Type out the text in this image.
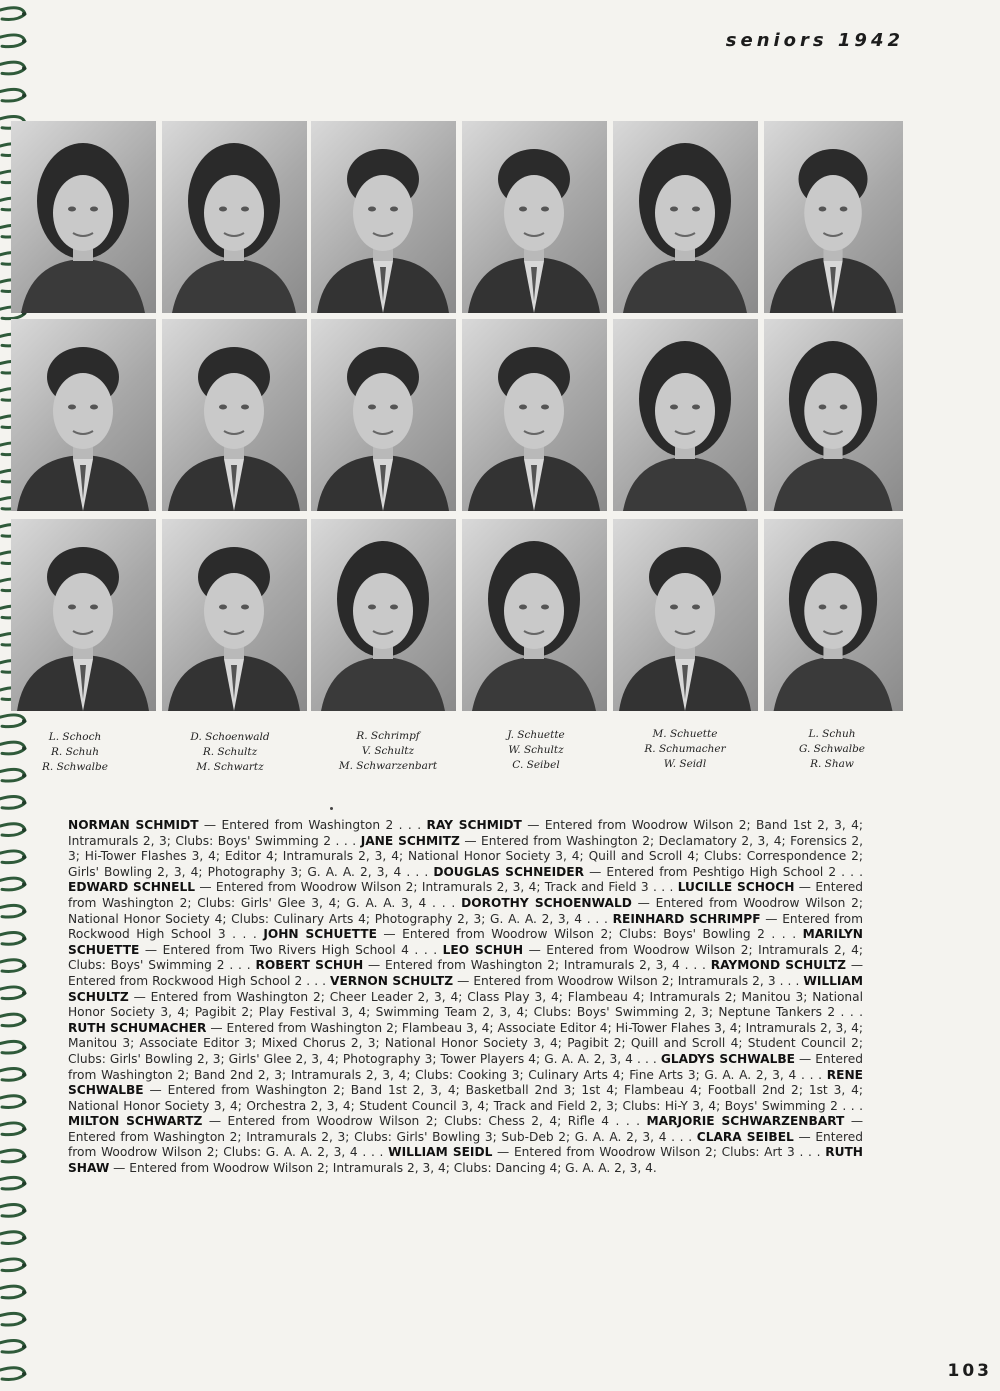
seniors 1942
L. Schoch
R. Schuh
R. Schwalbe
D. Schoenwald
R. Schultz
M. Schwartz
R. Schrimpf
V. Schultz
M. Schwarzenbart
J. Schuette
W. Schultz
C. Seibel
M. Schuette
R. Schumacher
W. Seidl
L. Schuh
G. Schwalbe
R. Shaw
NORMAN SCHMIDT — Entered from Washington 2 . . . RAY SCHMIDT — Entered from Woodrow Wilson 2; Band 1st 2, 3, 4; Intramurals 2, 3; Clubs: Boys' Swimming 2 . . . JANE SCHMITZ — Entered from Washington 2; Declamatory 2, 3, 4; Forensics 2, 3; Hi-Tower Flashes 3, 4; Editor 4; Intramurals 2, 3, 4; National Honor Society 3, 4; Quill and Scroll 4; Clubs: Correspondence 2; Girls' Bowling 2, 3, 4; Photography 3; G. A. A. 2, 3, 4 . . . DOUGLAS SCHNEIDER — Entered from Peshtigo High School 2 . . . EDWARD SCHNELL — Entered from Woodrow Wilson 2; Intramurals 2, 3, 4; Track and Field 3 . . . LUCILLE SCHOCH — Entered from Washington 2; Clubs: Girls' Glee 3, 4; G. A. A. 3, 4 . . . DOROTHY SCHOENWALD — Entered from Woodrow Wilson 2; National Honor Society 4; Clubs: Culinary Arts 4; Photography 2, 3; G. A. A. 2, 3, 4 . . . REINHARD SCHRIMPF — Entered from Rockwood High School 3 . . . JOHN SCHUETTE — Entered from Woodrow Wilson 2; Clubs: Boys' Bowling 2 . . . MARILYN SCHUETTE — Entered from Two Rivers High School 4 . . . LEO SCHUH — Entered from Woodrow Wilson 2; Intramurals 2, 4; Clubs: Boys' Swimming 2 . . . ROBERT SCHUH — Entered from Washington 2; Intramurals 2, 3, 4 . . . RAYMOND SCHULTZ — Entered from Rockwood High School 2 . . . VERNON SCHULTZ — Entered from Woodrow Wilson 2; Intramurals 2, 3 . . . WILLIAM SCHULTZ — Entered from Washington 2; Cheer Leader 2, 3, 4; Class Play 3, 4; Flambeau 4; Intramurals 2; Manitou 3; National Honor Society 3, 4; Pagibit 2; Play Festival 3, 4; Swimming Team 2, 3, 4; Clubs: Boys' Swimming 2, 3; Neptune Tankers 2 . . . RUTH SCHUMACHER — Entered from Washington 2; Flambeau 3, 4; Associate Editor 4; Hi-Tower Flahes 3, 4; Intramurals 2, 3, 4; Manitou 3; Associate Editor 3; Mixed Chorus 2, 3; National Honor Society 3, 4; Pagibit 2; Quill and Scroll 4; Student Council 2; Clubs: Girls' Bowling 2, 3; Girls' Glee 2, 3, 4; Photography 3; Tower Players 4; G. A. A. 2, 3, 4 . . . GLADYS SCHWALBE — Entered from Washington 2; Band 2nd 2, 3; Intramurals 2, 3, 4; Clubs: Cooking 3; Culinary Arts 4; Fine Arts 3; G. A. A. 2, 3, 4 . . . RENE SCHWALBE — Entered from Washington 2; Band 1st 2, 3, 4; Basketball 2nd 3; 1st 4; Flambeau 4; Football 2nd 2; 1st 3, 4; National Honor Society 3, 4; Orchestra 2, 3, 4; Student Council 3, 4; Track and Field 2, 3; Clubs: Hi-Y 3, 4; Boys' Swimming 2 . . . MILTON SCHWARTZ — Entered from Woodrow Wilson 2; Clubs: Chess 2, 4; Rifle 4 . . . MARJORIE SCHWARZENBART — Entered from Washington 2; Intramurals 2, 3; Clubs: Girls' Bowling 3; Sub-Deb 2; G. A. A. 2, 3, 4 . . . CLARA SEIBEL — Entered from Woodrow Wilson 2; Clubs: G. A. A. 2, 3, 4 . . . WILLIAM SEIDL — Entered from Woodrow Wilson 2; Clubs: Art 3 . . . RUTH SHAW — Entered from Woodrow Wilson 2; Intramurals 2, 3, 4; Clubs: Dancing 4; G. A. A. 2, 3, 4.
103
